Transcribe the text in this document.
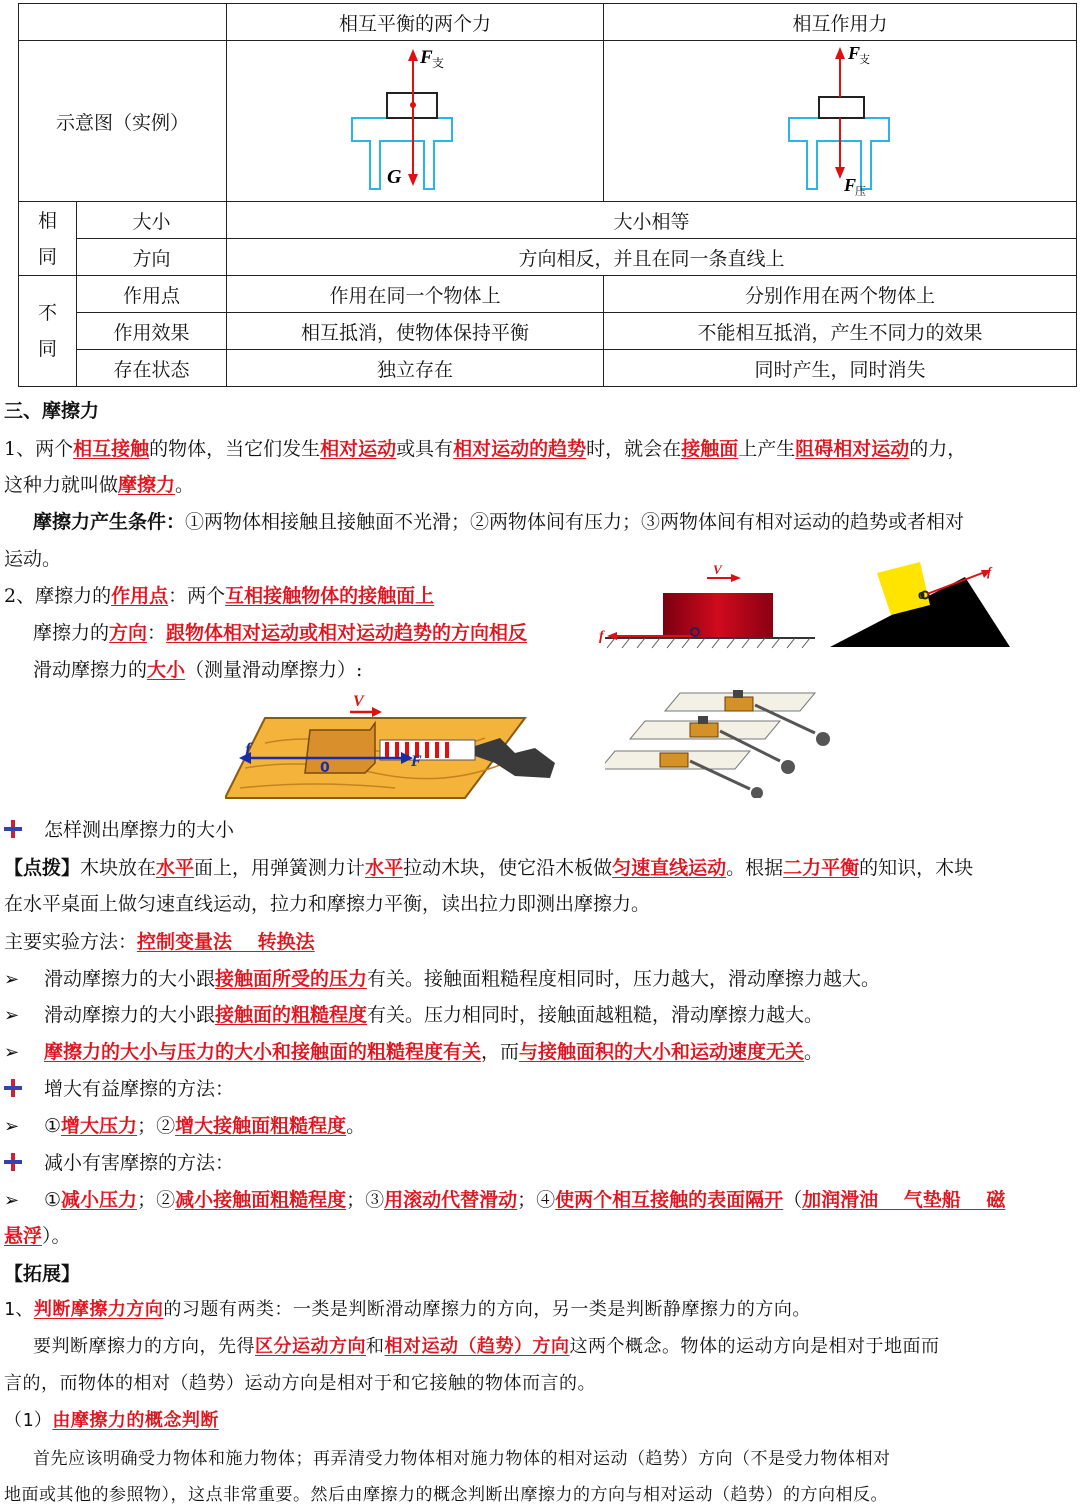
		相互平衡的两个力	相互作用力
示意图（实例）		F 支
G	F
支
F
压

相
同	大小	大小相等	
	方向	方向相反，并且在同一条直线上	
不
同	作用点	作用在同一个物体上	分别作用在两个物体上
	作用效果	相互抵消，使物体保持平衡	不能相互抵消，产生不同力的效果
	存在状态	独立存在	同时产生，同时消失
三、摩擦力
1、两个相互接触的物体，当它们发生相对运动或具有相对运动的趋势时，就会在接触面上产生阻碍相对运动的力，
这种力就叫做摩擦力。
摩擦力产生条件：①两物体相接触且接触面不光滑；②两物体间有压力；③两物体间有相对运动的趋势或者相对
运动。
2、摩擦力的作用点：两个互相接触物体的接触面上
摩擦力的方向：跟物体相对运动或相对运动趋势的方向相反
滑动摩擦力的大小（测量滑动摩擦力）:
V
f
f
0
V
f
0	F
怎样测出摩擦力的大小
【点拨】木块放在水平面上，用弹簧测力计水平拉动木块，使它沿木板做匀速直线运动。根据二力平衡的知识，木块
在水平桌面上做匀速直线运动，拉力和摩擦力平衡，读出拉力即测出摩擦力。
主要实验方法：控制变量法　 转换法
➢ 滑动摩擦力的大小跟接触面所受的压力有关。接触面粗糙程度相同时，压力越大，滑动摩擦力越大。
➢ 滑动摩擦力的大小跟接触面的粗糙程度有关。压力相同时，接触面越粗糙，滑动摩擦力越大。
➢ 摩擦力的大小与压力的大小和接触面的粗糙程度有关，而与接触面积的大小和运动速度无关。
增大有益摩擦的方法：
➢ ①增大压力；②增大接触面粗糙程度。
减小有害摩擦的方法：
➢ ①减小压力；②减小接触面粗糙程度；③用滚动代替滑动；④使两个相互接触的表面隔开（加润滑油　 气垫船　 磁
悬浮）。
【拓展】
1、判断摩擦力方向的习题有两类：一类是判断滑动摩擦力的方向，另一类是判断静摩擦力的方向。
要判断摩擦力的方向，先得区分运动方向和相对运动（趋势）方向这两个概念。物体的运动方向是相对于地面而
言的，而物体的相对（趋势）运动方向是相对于和它接触的物体而言的。
（1）由摩擦力的概念判断
首先应该明确受力物体和施力物体；再弄清受力物体相对施力物体的相对运动（趋势）方向（不是受力物体相对
地面或其他的参照物），这点非常重要。然后由摩擦力的概念判断出摩擦力的方向与相对运动（趋势）的方向相反。
